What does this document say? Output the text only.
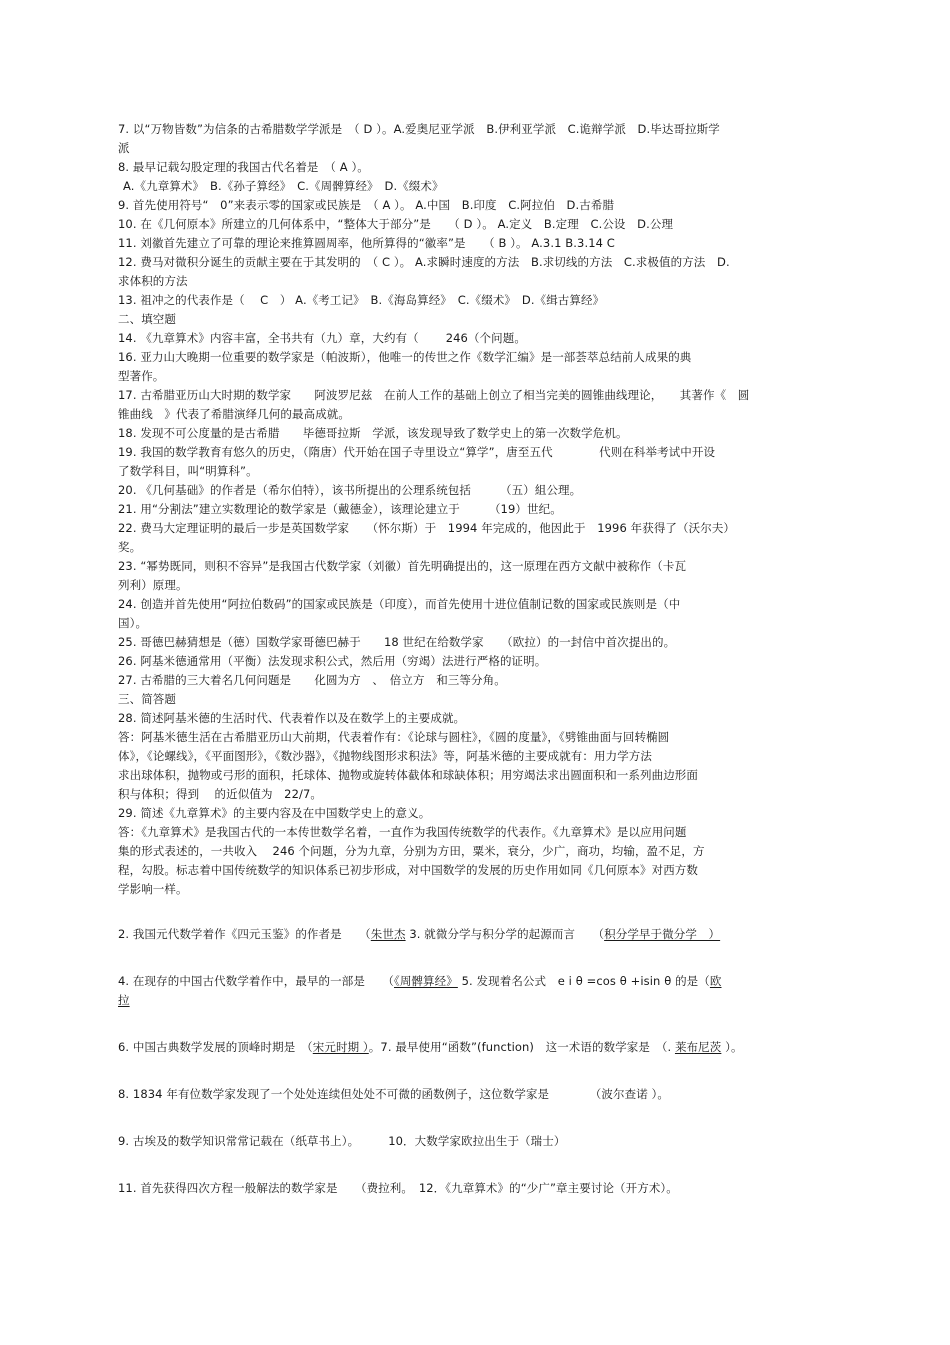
7. 以“万物皆数”为信条的古希腊数学学派是　（ D ）。A.爱奥尼亚学派　B.伊利亚学派　C.诡辩学派　D.毕达哥拉斯学
派
8. 最早记载勾股定理的我国古代名着是　（ A ）。
A.《九章算术》　B.《孙子算经》　C.《周髀算经》　D.《缀术》
9. 首先使用符号“　0”来表示零的国家或民族是　（ A ）。 A.中国　B.印度　C.阿拉伯　D.古希腊
10. 在《几何原本》所建立的几何体系中，“整体大于部分”是　　（ D ）。 A.定义　B.定理　C.公设　D.公理
11. 刘徽首先建立了可靠的理论来推算圆周率，他所算得的“徽率”是　　（ B ）。 A.3.1 B.3.14 C
12. 费马对微积分诞生的贡献主要在于其发明的　（ C ）。 A.求瞬时速度的方法　B.求切线的方法　C.求极值的方法　D.
求体积的方法
13. 祖冲之的代表作是（　 C　） A.《考工记》　B.《海岛算经》　C.《缀术》　D.《缉古算经》
二、填空题
14. 《九章算术》内容丰富，全书共有（九）章，大约有（　　 246（个问题。
16. 亚力山大晚期一位重要的数学家是（帕波斯），他唯一的传世之作《数学汇编》是一部荟萃总结前人成果的典
型著作。
17. 古希腊亚历山大时期的数学家　　阿波罗尼兹　在前人工作的基础上创立了相当完美的圆锥曲线理论，　　其著作《　圆
锥曲线　》代表了希腊演绎几何的最高成就。
18. 发现不可公度量的是古希腊　　毕德哥拉斯　学派，该发现导致了数学史上的第一次数学危机。
19. 我国的数学教育有悠久的历史，（隋唐）代开始在国子寺里设立“算学”，唐至五代　　　　代则在科举考试中开设
了数学科目，叫“明算科”。
20. 《几何基础》的作者是（希尔伯特），该书所提出的公理系统包括　　　（五）組公理。
21. 用“分割法”建立实数理论的数学家是（戴德金），该理论建立于　　　（19）世纪。
22. 费马大定理证明的最后一步是英国数学家　　（怀尔斯）于　1994 年完成的，他因此于　1996 年获得了（沃尔夫）
奖。
23. “幂势既同，则积不容异”是我国古代数学家（刘徽）首先明确提出的，这一原理在西方文献中被称作（卡瓦
列利）原理。
24. 创造并首先使用“阿拉伯数码”的国家或民族是（印度），而首先使用十进位值制记数的国家或民族则是（中
国）。
25. 哥德巴赫猜想是（德）国数学家哥德巴赫于　　18 世纪在给数学家　　（欧拉）的一封信中首次提出的。
26. 阿基米德通常用（平衡）法发现求积公式，然后用（穷竭）法进行严格的证明。
27. 古希腊的三大着名几何问题是　　化圆为方　、　倍立方　和三等分角。
三、简答题
28. 简述阿基米德的生活时代、代表着作以及在数学上的主要成就。
答：阿基米德生活在古希腊亚历山大前期，代表着作有：《论球与圆柱》，《圆的度量》，《劈锥曲面与回转椭圆
体》，《论螺线》，《平面图形》，《数沙器》，《抛物线图形求积法》等，阿基米德的主要成就有：用力学方法
求出球体积，抛物或弓形的面积，托球体、抛物或旋转体截体和球缺体积；用穷竭法求出圆面积和一系列曲边形面
积与体积；得到　 的近似值为　22/7。
29. 简述《九章算术》的主要内容及在中国数学史上的意义。
答：《九章算术》是我国古代的一本传世数学名着，一直作为我国传统数学的代表作。《九章算术》是以应用问题
集的形式表述的，一共收入　 246 个问题，分为九章，分别为方田，粟米，衰分，少广，商功，均输，盈不足，方
程，勾股。标志着中国传统数学的知识体系已初步形成，对中国数学的发展的历史作用如同《几何原本》对西方数
学影响一样。
2. 我国元代数学着作《四元玉鉴》的作者是　　（朱世杰 3. 就微分学与积分学的起源而言　　（积分学早于微分学　）
4. 在现存的中国古代数学着作中，最早的一部是　　（《周髀算经》 5. 发现着名公式　e i θ =cos θ +isin θ 的是（欧
拉
6. 中国古典数学发展的顶峰时期是　（宋元时期 ）。7. 最早使用“函数”(function)　这一术语的数学家是　（. 莱布尼茨 ）。
8. 1834 年有位数学家发现了一个处处连续但处处不可微的函数例子，这位数学家是　　　　（波尔查诺 ）。
9. 古埃及的数学知识常常记载在（纸草书上）。　　　10．大数学家欧拉出生于（瑞士）
11. 首先获得四次方程一般解法的数学家是　　（费拉利。　12．《九章算术》的“少广”章主要讨论（开方术）。
